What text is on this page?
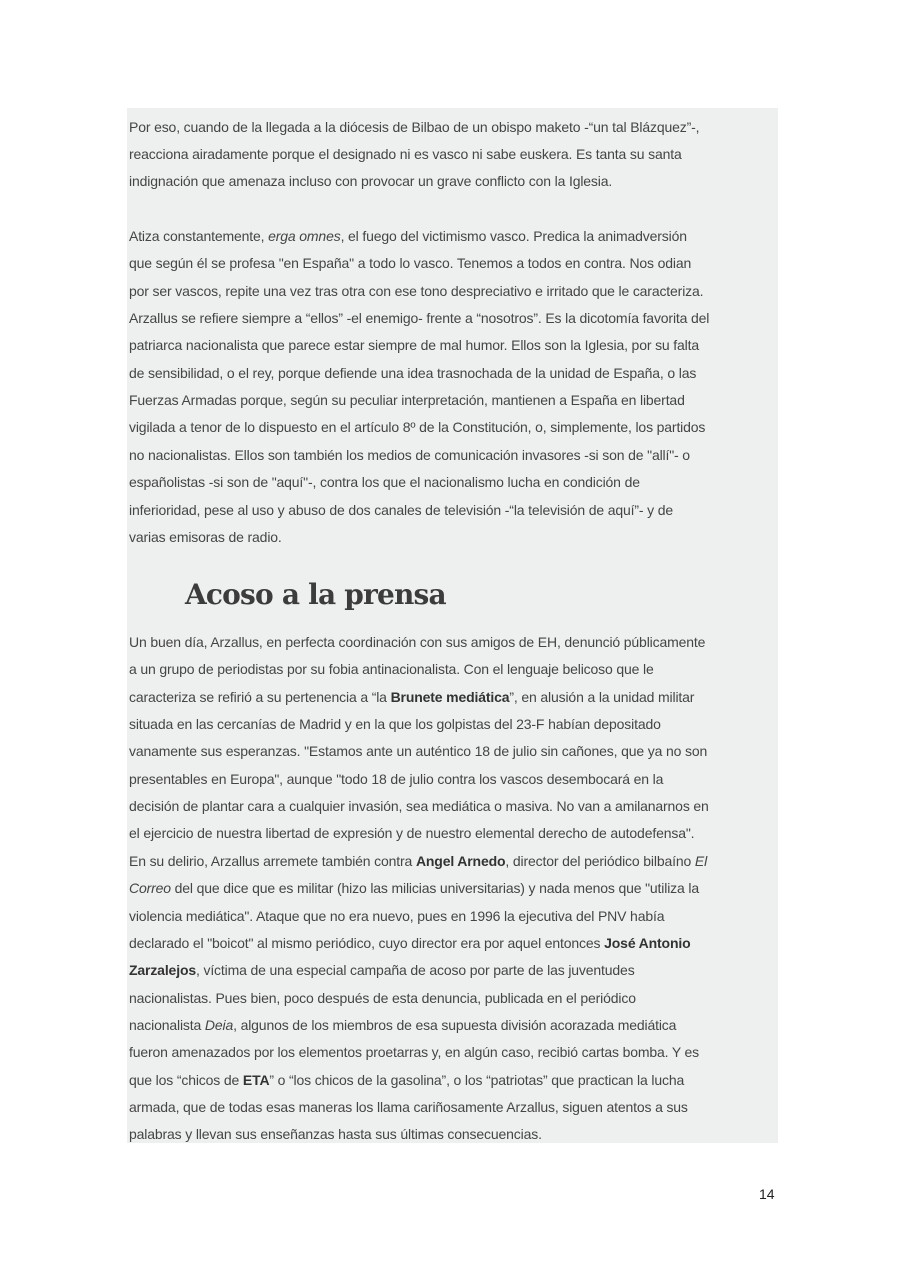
Por eso, cuando de la llegada a la diócesis de Bilbao de un obispo maketo -“un tal Blázquez”-,
reacciona airadamente porque el designado ni es vasco ni sabe euskera. Es tanta su santa
indignación que amenaza incluso con provocar un grave conflicto con la Iglesia.
Atiza constantemente, erga omnes, el fuego del victimismo vasco. Predica la animadversión
que según él se profesa "en España" a todo lo vasco. Tenemos a todos en contra. Nos odian
por ser vascos, repite una vez tras otra con ese tono despreciativo e irritado que le caracteriza.
Arzallus se refiere siempre a “ellos” -el enemigo- frente a “nosotros”. Es la dicotomía favorita del
patriarca nacionalista que parece estar siempre de mal humor. Ellos son la Iglesia, por su falta
de sensibilidad, o el rey, porque defiende una idea trasnochada de la unidad de España, o las
Fuerzas Armadas porque, según su peculiar interpretación, mantienen a España en libertad
vigilada a tenor de lo dispuesto en el artículo 8º de la Constitución, o, simplemente, los partidos
no nacionalistas. Ellos son también los medios de comunicación invasores -si son de "allí"- o
españolistas -si son de "aquí"-, contra los que el nacionalismo lucha en condición de
inferioridad, pese al uso y abuso de dos canales de televisión -“la televisión de aquí”- y de
varias emisoras de radio.
Un buen día, Arzallus, en perfecta coordinación con sus amigos de EH, denunció públicamente
a un grupo de periodistas por su fobia antinacionalista. Con el lenguaje belicoso que le
caracteriza se refirió a su pertenencia a “la Brunete mediática”, en alusión a la unidad militar
situada en las cercanías de Madrid y en la que los golpistas del 23-F habían depositado
vanamente sus esperanzas. "Estamos ante un auténtico 18 de julio sin cañones, que ya no son
presentables en Europa", aunque "todo 18 de julio contra los vascos desembocará en la
decisión de plantar cara a cualquier invasión, sea mediática o masiva. No van a amilanarnos en
el ejercicio de nuestra libertad de expresión y de nuestro elemental derecho de autodefensa".
En su delirio, Arzallus arremete también contra Angel Arnedo, director del periódico bilbaíno El
Correo del que dice que es militar (hizo las milicias universitarias) y nada menos que "utiliza la
violencia mediática". Ataque que no era nuevo, pues en 1996 la ejecutiva del PNV había
declarado el "boicot" al mismo periódico, cuyo director era por aquel entonces José Antonio
Zarzalejos, víctima de una especial campaña de acoso por parte de las juventudes
nacionalistas. Pues bien, poco después de esta denuncia, publicada en el periódico
nacionalista Deia, algunos de los miembros de esa supuesta división acorazada mediática
fueron amenazados por los elementos proetarras y, en algún caso, recibió cartas bomba. Y es
que los “chicos de ETA” o “los chicos de la gasolina”, o los “patriotas” que practican la lucha
armada, que de todas esas maneras los llama cariñosamente Arzallus, siguen atentos a sus
palabras y llevan sus enseñanzas hasta sus últimas consecuencias.
Acoso a la prensa
14
